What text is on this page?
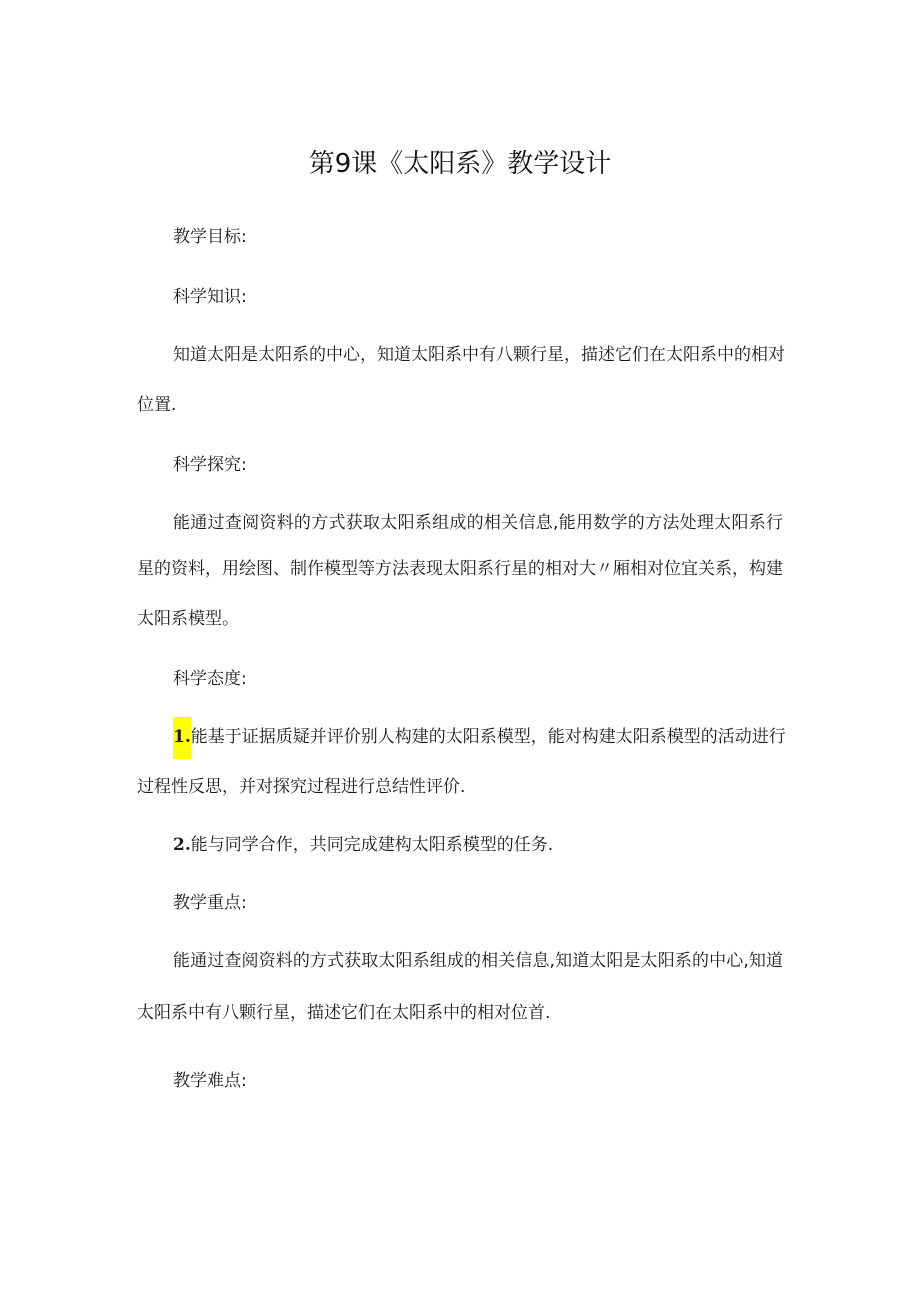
第9课《太阳系》教学设计
教学目标:
科学知识:
知道太阳是太阳系的中心，知道太阳系中有八颗行星，描述它们在太阳系中的相对
位置.
科学探究:
能通过查阅资料的方式获取太阳系组成的相关信息,能用数学的方法处理太阳系行
星的资料，用绘图、制作模型等方法表现太阳系行星的相对大〃厢相对位宜关系，构建
太阳系模型。
科学态度:
1.能基于证据质疑并评价别人构建的太阳系模型，能对构建太阳系模型的活动进行
过程性反思，并对探究过程进行总结性评价.
2.能与同学合作，共同完成建构太阳系模型的任务.
教学重点:
能通过查阅资料的方式获取太阳系组成的相关信息,知道太阳是太阳系的中心,知道
太阳系中有八颗行星，描述它们在太阳系中的相对位首.
教学难点:
